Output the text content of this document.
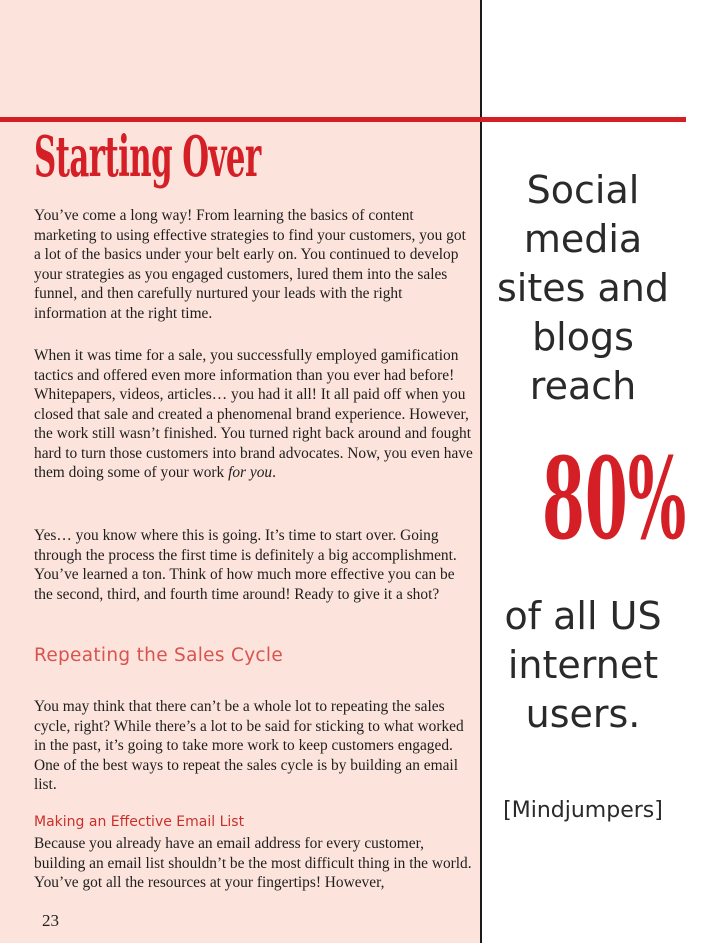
Starting Over

You’ve come a long way! From learning the basics of content marketing to using effective strategies to find your customers, you got a lot of the basics under your belt early on. You continued to develop your strategies as you engaged customers, lured them into the sales funnel, and then carefully nurtured your leads with the right information at the right time.

When it was time for a sale, you successfully employed gamification tactics and offered even more information than you ever had before! Whitepapers, videos, articles… you had it all! It all paid off when you closed that sale and created a phenomenal brand experience. However, the work still wasn’t finished. You turned right back around and fought hard to turn those customers into brand advocates. Now, you even have them doing some of your work for you.

Yes… you know where this is going. It’s time to start over. Going through the process the first time is definitely a big accomplishment. You’ve learned a ton. Think of how much more effective you can be the second, third, and fourth time around! Ready to give it a shot?

Repeating the Sales Cycle

You may think that there can’t be a whole lot to repeating the sales cycle, right? While there’s a lot to be said for sticking to what worked in the past, it’s going to take more work to keep customers engaged. One of the best ways to repeat the sales cycle is by building an email list.

Making an Effective Email List

Because you already have an email address for every customer, building an email list shouldn’t be the most difficult thing in the world. You’ve got all the resources at your fingertips! However,

23
Social
media
sites and
blogs
reach
80%
of all US
internet
users.
[Mindjumpers]
